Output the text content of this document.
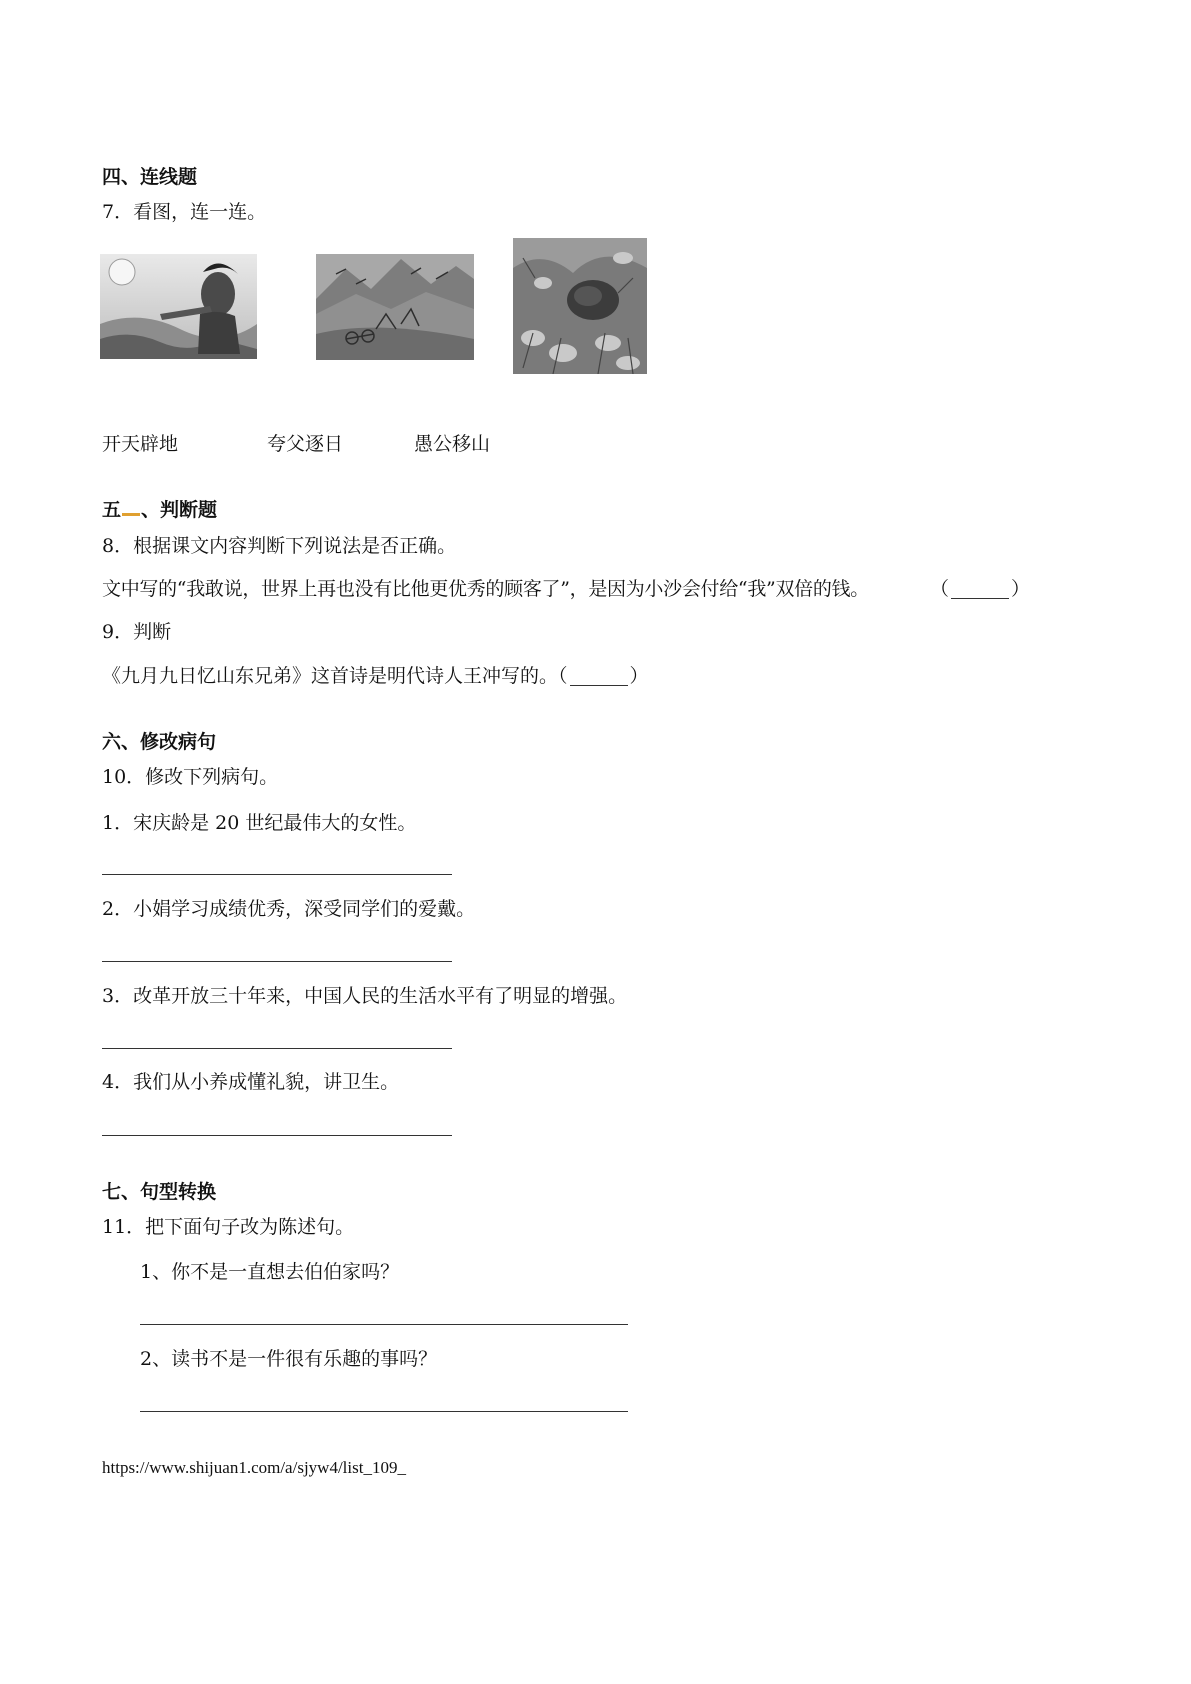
四、连线题
7．看图，连一连。
开天辟地	夸父逐日	愚公移山
五 、判断题
8．根据课文内容判断下列说法是否正确。
文中写的“我敢说，世界上再也没有比他更优秀的顾客了”，是因为小沙会付给“我”双倍的钱。	（	）
9．判断
《九月九日忆山东兄弟》这首诗是明代诗人王冲写的。（	）
六、修改病句
10．修改下列病句。
1．宋庆龄是 20 世纪最伟大的女性。
2．小娟学习成绩优秀，深受同学们的爱戴。
3．改革开放三十年来，中国人民的生活水平有了明显的增强。
4．我们从小养成懂礼貌，讲卫生。
七、句型转换
11．把下面句子改为陈述句。
1、你不是一直想去伯伯家吗？
2、读书不是一件很有乐趣的事吗？
https://www.shijuan1.com/a/sjyw4/list_109_
